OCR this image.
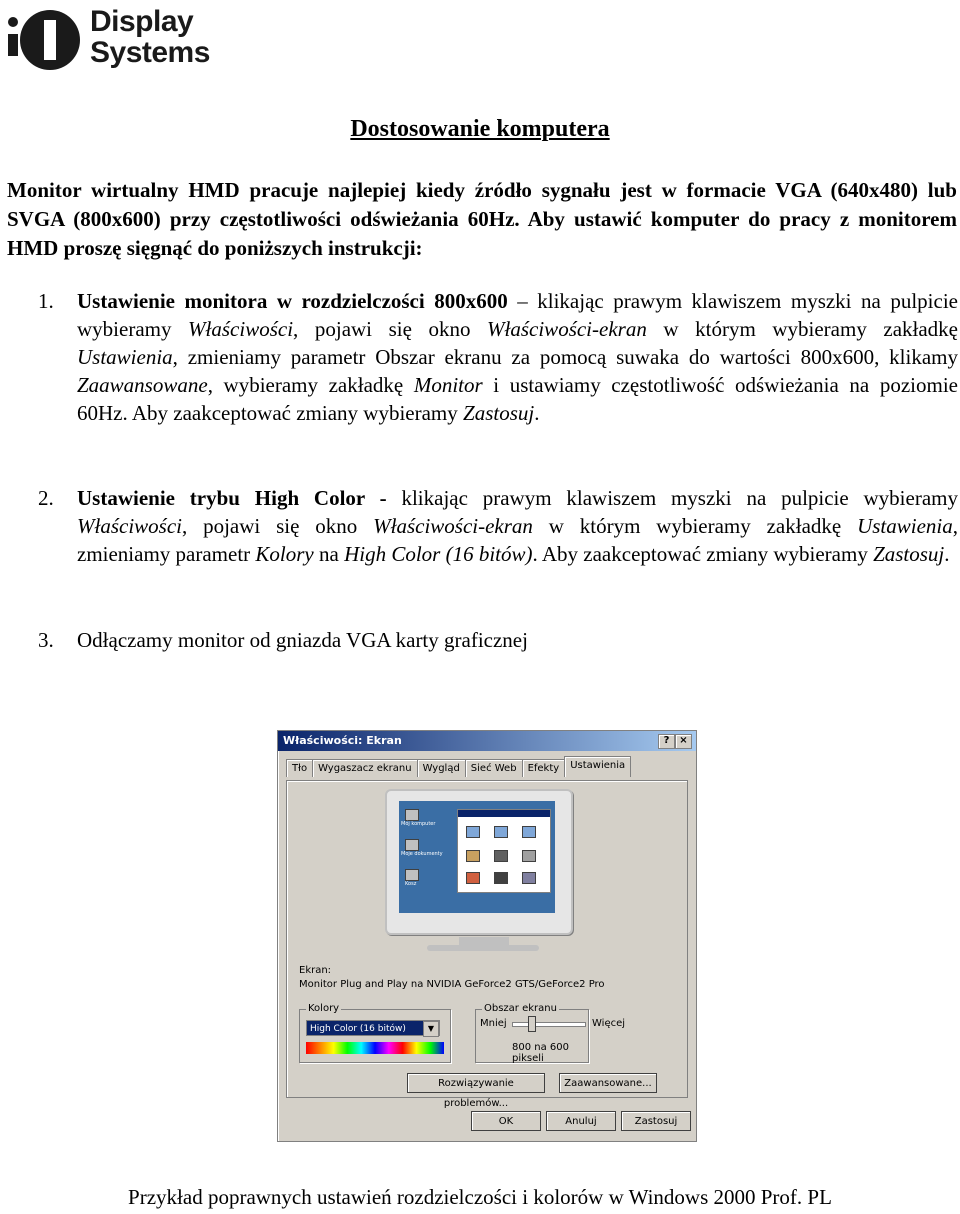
Display
Systems
Dostosowanie komputera
Monitor wirtualny HMD pracuje najlepiej kiedy źródło sygnału jest w formacie VGA (640x480) lub SVGA (800x600) przy częstotliwości odświeżania 60Hz. Aby ustawić komputer do pracy z monitorem HMD proszę sięgnąć do poniższych instrukcji:
1. Ustawienie monitora w rozdzielczości 800x600 – klikając prawym klawiszem myszki na pulpicie wybieramy Właściwości, pojawi się okno Właściwości-ekran w którym wybieramy zakładkę Ustawienia, zmieniamy parametr Obszar ekranu za pomocą suwaka do wartości 800x600, klikamy Zaawansowane, wybieramy zakładkę Monitor i ustawiamy częstotliwość odświeżania na poziomie 60Hz. Aby zaakceptować zmiany wybieramy Zastosuj.
2. Ustawienie trybu High Color - klikając prawym klawiszem myszki na pulpicie wybieramy Właściwości, pojawi się okno Właściwości-ekran w którym wybieramy zakładkę Ustawienia, zmieniamy parametr Kolory na High Color (16 bitów). Aby zaakceptować zmiany wybieramy Zastosuj.
3. Odłączamy monitor od gniazda VGA karty graficznej
Właściwości: Ekran	? ×
Tło Wygaszacz ekranu Wygląd Sieć Web Efekty Ustawienia
Mój komputer
Moje dokumenty
Kosz
Ekran:
Monitor Plug and Play na NVIDIA GeForce2 GTS/GeForce2 Pro
Kolory
High Color (16 bitów)	▼
Obszar ekranu
Mniej	Więcej
800 na 600 pikseli
Rozwiązywanie problemów...
Zaawansowane...
OK	Anuluj	Zastosuj
Przykład poprawnych ustawień rozdzielczości i kolorów w Windows 2000 Prof. PL
